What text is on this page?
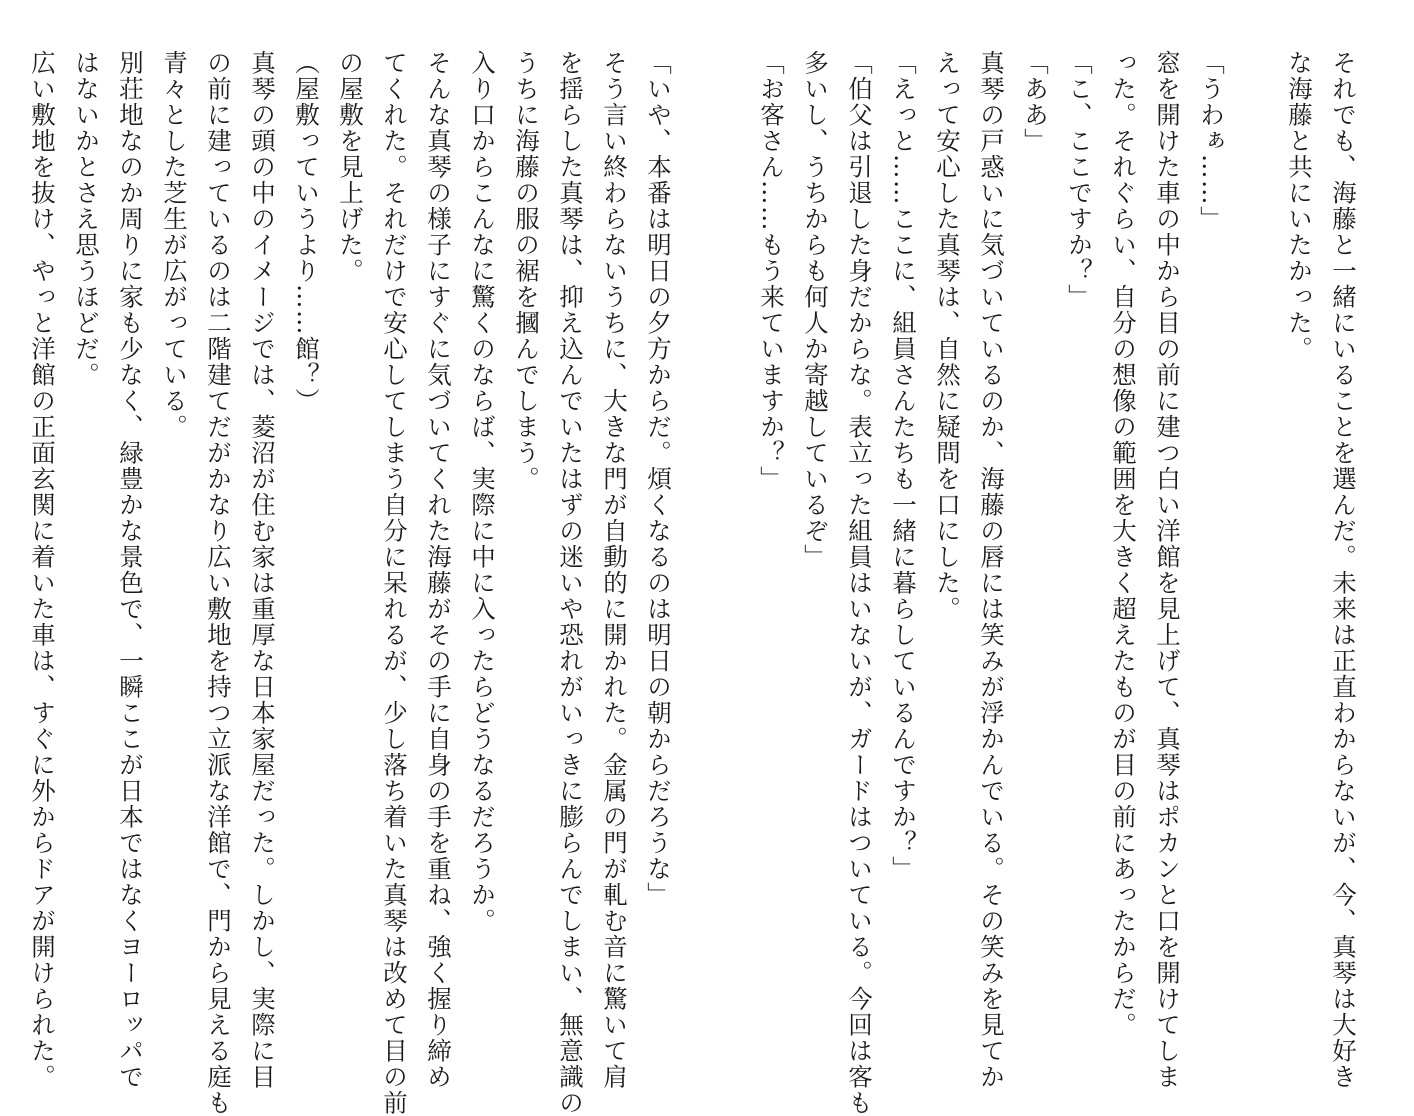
それでも、海藤と一緒にいることを選んだ。未来は正直わからないが、今、真琴は大好き
な海藤と共にいたかった。
「うわぁ……」
窓を開けた車の中から目の前に建つ白い洋館を見上げて、真琴はポカンと口を開けてしま
った。それぐらい、自分の想像の範囲を大きく超えたものが目の前にあったからだ。
「こ、ここですか？」
「ああ」
真琴の戸惑いに気づいているのか、海藤の唇には笑みが浮かんでいる。その笑みを見てか
えって安心した真琴は、自然に疑問を口にした。
「えっと……ここに、組員さんたちも一緒に暮らしているんですか？」
「伯父は引退した身だからな。表立った組員はいないが、ガードはついている。今回は客も
多いし、うちからも何人か寄越しているぞ」
「お客さん……もう来ていますか？」
「いや、本番は明日の夕方からだ。煩くなるのは明日の朝からだろうな」
そう言い終わらないうちに、大きな門が自動的に開かれた。金属の門が軋む音に驚いて肩
を揺らした真琴は、抑え込んでいたはずの迷いや恐れがいっきに膨らんでしまい、無意識の
うちに海藤の服の裾を摑んでしまう。
入り口からこんなに驚くのならば、実際に中に入ったらどうなるだろうか。
そんな真琴の様子にすぐに気づいてくれた海藤がその手に自身の手を重ね、強く握り締め
てくれた。それだけで安心してしまう自分に呆れるが、少し落ち着いた真琴は改めて目の前
の屋敷を見上げた。
（屋敷っていうより……館？）
真琴の頭の中のイメージでは、菱沼が住む家は重厚な日本家屋だった。しかし、実際に目
の前に建っているのは二階建てだがかなり広い敷地を持つ立派な洋館で、門から見える庭も
青々とした芝生が広がっている。
別荘地なのか周りに家も少なく、緑豊かな景色で、一瞬ここが日本ではなくヨーロッパで
はないかとさえ思うほどだ。
広い敷地を抜け、やっと洋館の正面玄関に着いた車は、すぐに外からドアが開けられた。
